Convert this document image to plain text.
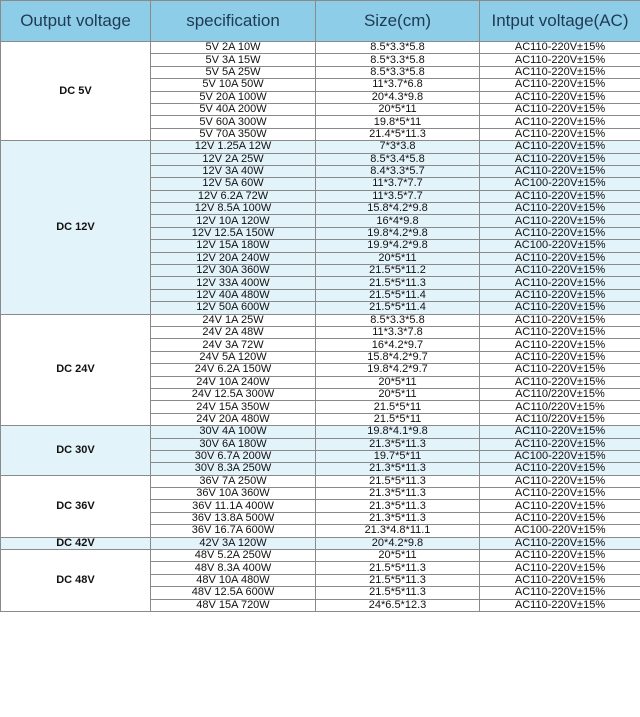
Output voltage	specification	Size(cm)	Intput voltage(AC)
DC 5V	5V 2A 10W	8.5*3.3*5.8	AC110-220V±15%
	5V 3A 15W	8.5*3.3*5.8	AC110-220V±15%
	5V 5A 25W	8.5*3.3*5.8	AC110-220V±15%
	5V 10A 50W	11*3.7*6.8	AC110-220V±15%
	5V 20A 100W	20*4.3*9.8	AC110-220V±15%
	5V 40A 200W	20*5*11	AC110-220V±15%
	5V 60A 300W	19.8*5*11	AC110-220V±15%
	5V 70A 350W	21.4*5*11.3	AC110-220V±15%
DC 12V	12V 1.25A 12W	7*3*3.8	AC110-220V±15%
	12V 2A 25W	8.5*3.4*5.8	AC110-220V±15%
	12V 3A 40W	8.4*3.3*5.7	AC110-220V±15%
	12V 5A 60W	11*3.7*7.7	AC100-220V±15%
	12V 6.2A 72W	11*3.5*7.7	AC110-220V±15%
	12V 8.5A 100W	15.8*4.2*9.8	AC110-220V±15%
	12V 10A 120W	16*4*9.8	AC110-220V±15%
	12V 12.5A 150W	19.8*4.2*9.8	AC110-220V±15%
	12V 15A 180W	19.9*4.2*9.8	AC100-220V±15%
	12V 20A 240W	20*5*11	AC110-220V±15%
	12V 30A 360W	21.5*5*11.2	AC110-220V±15%
	12V 33A 400W	21.5*5*11.3	AC110-220V±15%
	12V 40A 480W	21.5*5*11.4	AC110-220V±15%
	12V 50A 600W	21.5*5*11.4	AC110-220V±15%
DC 24V	24V 1A 25W	8.5*3.3*5.8	AC110-220V±15%
	24V 2A 48W	11*3.3*7.8	AC110-220V±15%
	24V 3A 72W	16*4.2*9.7	AC110-220V±15%
	24V 5A 120W	15.8*4.2*9.7	AC110-220V±15%
	24V 6.2A 150W	19.8*4.2*9.7	AC110-220V±15%
	24V 10A 240W	20*5*11	AC110-220V±15%
	24V 12.5A 300W	20*5*11	AC110/220V±15%
	24V 15A 350W	21.5*5*11	AC110/220V±15%
	24V 20A 480W	21.5*5*11	AC110/220V±15%
DC 30V	30V 4A 100W	19.8*4.1*9.8	AC110-220V±15%
	30V 6A 180W	21.3*5*11.3	AC110-220V±15%
	30V 6.7A 200W	19.7*5*11	AC100-220V±15%
	30V 8.3A 250W	21.3*5*11.3	AC110-220V±15%
DC 36V	36V 7A 250W	21.5*5*11.3	AC110-220V±15%
	36V 10A 360W	21.3*5*11.3	AC110-220V±15%
	36V 11.1A 400W	21.3*5*11.3	AC110-220V±15%
	36V 13.8A 500W	21.3*5*11.3	AC110-220V±15%
	36V 16.7A 600W	21.3*4.8*11.1	AC100-220V±15%
DC 42V	42V 3A 120W	20*4.2*9.8	AC110-220V±15%
DC 48V	48V 5.2A 250W	20*5*11	AC110-220V±15%
	48V 8.3A 400W	21.5*5*11.3	AC110-220V±15%
	48V 10A 480W	21.5*5*11.3	AC110-220V±15%
	48V 12.5A 600W	21.5*5*11.3	AC110-220V±15%
	48V 15A 720W	24*6.5*12.3	AC110-220V±15%
